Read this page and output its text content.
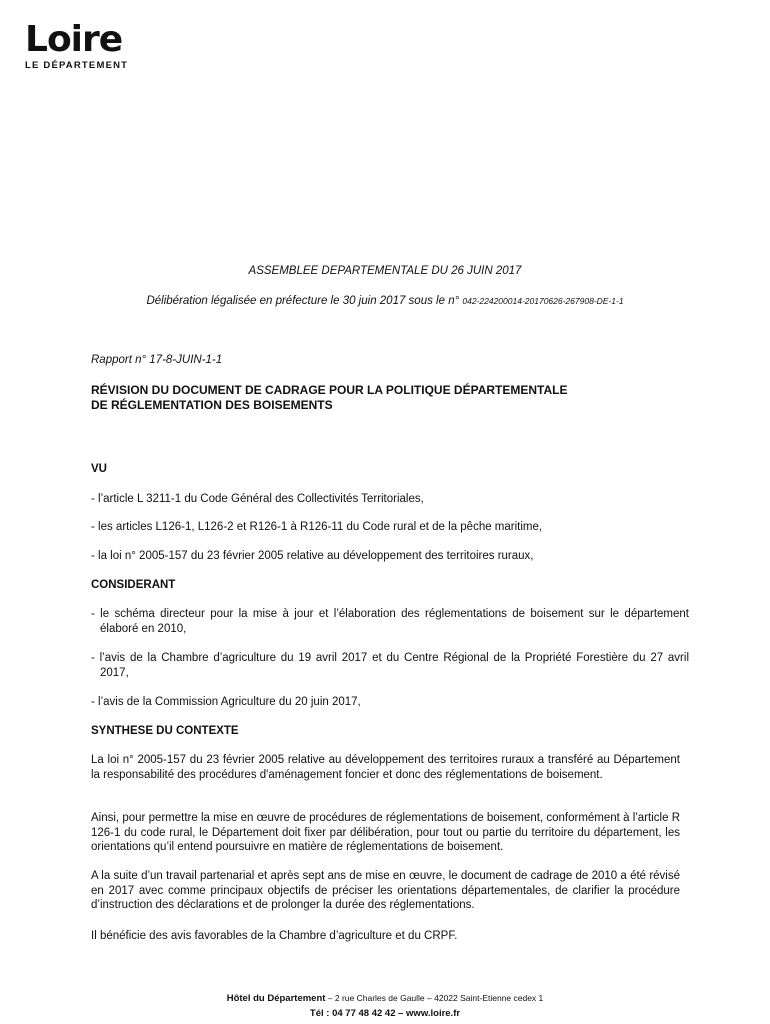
Loire
LE DÉPARTEMENT
ASSEMBLEE DEPARTEMENTALE DU 26 JUIN 2017
Délibération légalisée en préfecture le 30 juin 2017 sous le n° 042-224200014-20170626-267908-DE-1-1
Rapport n° 17-8-JUIN-1-1
RÉVISION DU DOCUMENT DE CADRAGE POUR LA POLITIQUE DÉPARTEMENTALE
DE RÉGLEMENTATION DES BOISEMENTS
VU
- l’article L 3211-1 du Code Général des Collectivités Territoriales,
- les articles L126-1, L126-2 et R126-1 à R126-11 du Code rural et de la pêche maritime,
- la loi n° 2005-157 du 23 février 2005 relative au développement des territoires ruraux,
CONSIDERANT
- le schéma directeur pour la mise à jour et l’élaboration des réglementations de boisement sur le département élaboré en 2010,
- l’avis de la Chambre d’agriculture du 19 avril 2017 et du Centre Régional de la Propriété Forestière du 27 avril 2017,
- l’avis de la Commission Agriculture du 20 juin 2017,
SYNTHESE DU CONTEXTE
La loi n° 2005-157 du 23 février 2005 relative au développement des territoires ruraux a transféré au Département la responsabilité des procédures d'aménagement foncier et donc des réglementations de boisement.
Ainsi, pour permettre la mise en œuvre de procédures de réglementations de boisement, conformément à l’article R 126-1 du code rural, le Département doit fixer par délibération, pour tout ou partie du territoire du département, les orientations qu’il entend poursuivre en matière de réglementations de boisement.
A la suite d’un travail partenarial et après sept ans de mise en œuvre, le document de cadrage de 2010 a été révisé en 2017 avec comme principaux objectifs de préciser les orientations départementales, de clarifier la procédure d’instruction des déclarations et de prolonger la durée des réglementations.
Il bénéficie des avis favorables de la Chambre d’agriculture et du CRPF.
Hôtel du Département – 2 rue Charles de Gaulle – 42022 Saint-Etienne cedex 1
Tél : 04 77 48 42 42 – www.loire.fr
